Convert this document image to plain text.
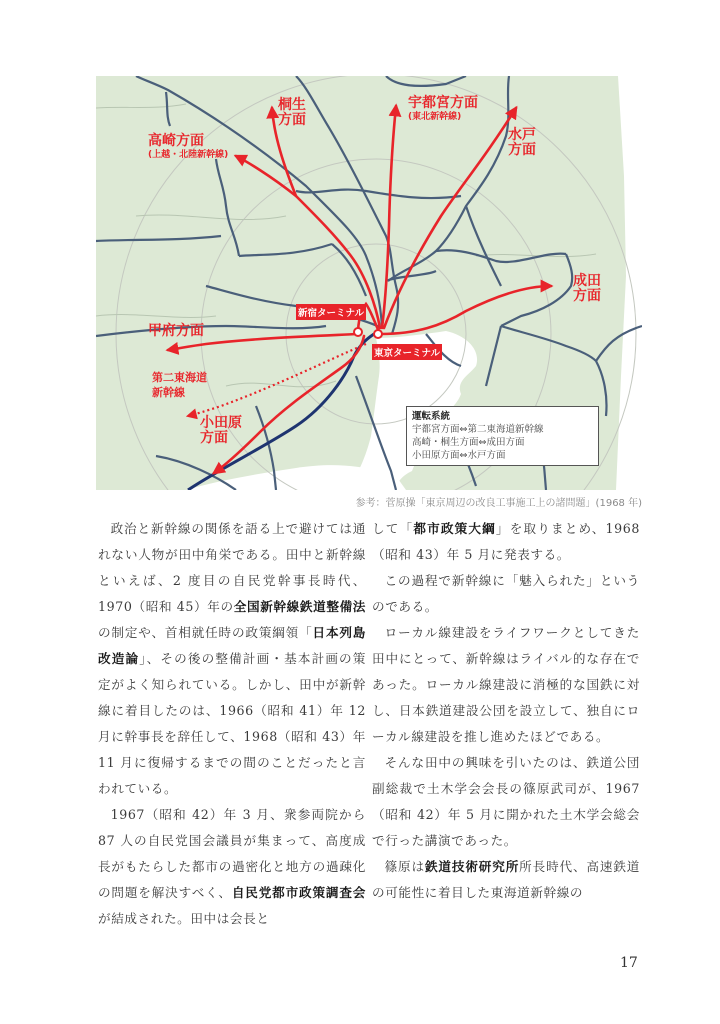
高崎方面
(上越・北陸新幹線)
桐生
方面
宇都宮方面
(東北新幹線)
水戸
方面
成田
方面
甲府方面
第二東海道
新幹線
小田原
方面
新宿ターミナル
東京ターミナル
運転系統
宇都宮方面⇔第二東海道新幹線
高崎・桐生方面⇔成田方面
小田原方面⇔水戸方面
参考：菅原操「東京周辺の改良工事施工上の諸問題」(1968 年)

政治と新幹線の関係を語る上で避けては通れない人物が田中角栄である。田中と新幹線といえば、2 度目の自民党幹事長時代、1970（昭和 45）年の全国新幹線鉄道整備法の制定や、首相就任時の政策綱領「日本列島改造論」、その後の整備計画・基本計画の策定がよく知られている。しかし、田中が新幹線に着目したのは、1966（昭和 41）年 12 月に幹事長を辞任して、1968（昭和 43）年 11 月に復帰するまでの間のことだったと言われている。

1967（昭和 42）年 3 月、衆参両院から 87 人の自民党国会議員が集まって、高度成長がもたらした都市の過密化と地方の過疎化の問題を解決すべく、自民党都市政策調査会が結成された。田中は会長と

して「都市政策大綱」を取りまとめ、1968（昭和 43）年 5 月に発表する。

この過程で新幹線に「魅入られた」というのである。

ローカル線建設をライフワークとしてきた田中にとって、新幹線はライバル的な存在であった。ローカル線建設に消極的な国鉄に対し、日本鉄道建設公団を設立して、独自にローカル線建設を推し進めたほどである。

そんな田中の興味を引いたのは、鉄道公団副総裁で土木学会会長の篠原武司が、1967（昭和 42）年 5 月に開かれた土木学会総会で行った講演であった。

篠原は鉄道技術研究所所長時代、高速鉄道の可能性に着目した東海道新幹線の

17
